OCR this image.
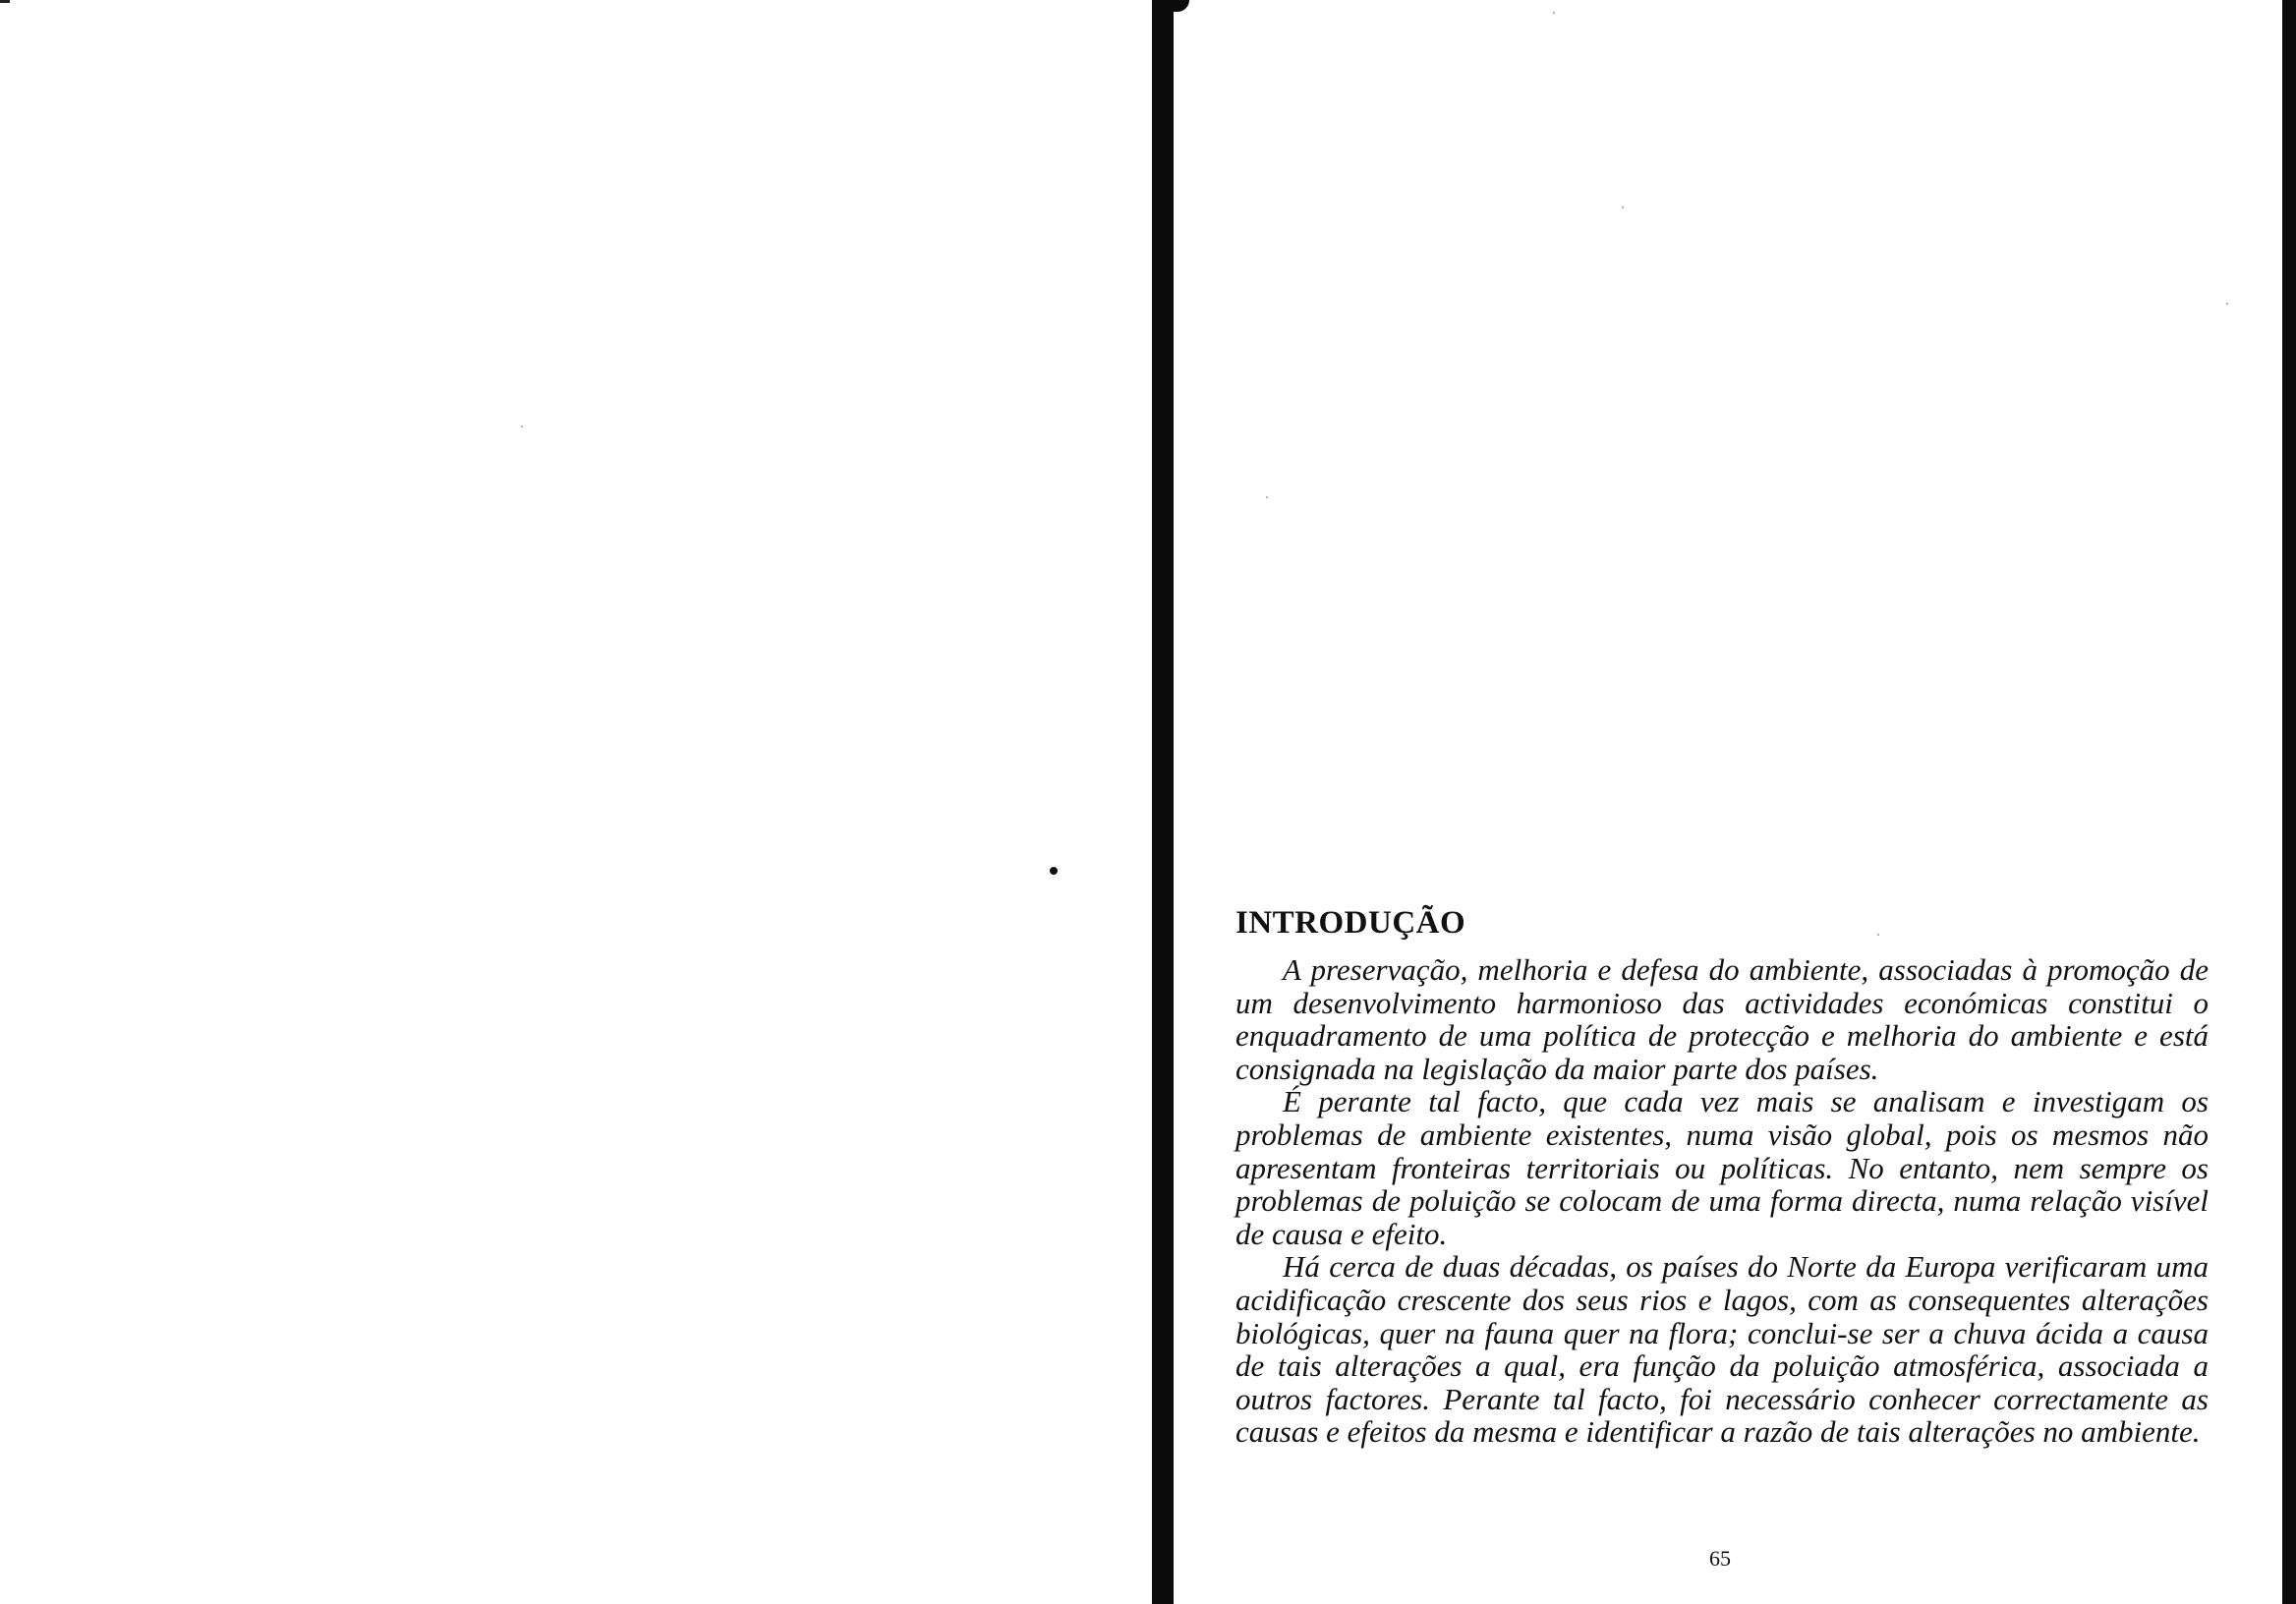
INTRODUÇÃO

A preservação, melhoria e defesa do ambiente, associadas à promoção de um desenvolvimento harmonioso das actividades económicas constitui o enquadramento de uma política de protecção e melhoria do ambiente e está consignada na legislação da maior parte dos países.

É perante tal facto, que cada vez mais se analisam e investigam os problemas de ambiente existentes, numa visão global, pois os mesmos não apresentam fronteiras territoriais ou políticas. No entanto, nem sempre os problemas de poluição se colocam de uma forma directa, numa relação visível de causa e efeito.

Há cerca de duas décadas, os países do Norte da Europa verificaram uma acidificação crescente dos seus rios e lagos, com as consequentes alterações biológicas, quer na fauna quer na flora; conclui-se ser a chuva ácida a causa de tais alterações a qual, era função da poluição atmosférica, associada a outros factores. Perante tal facto, foi necessário conhecer correctamente as causas e efeitos da mesma e identificar a razão de tais alterações no ambiente.

65
